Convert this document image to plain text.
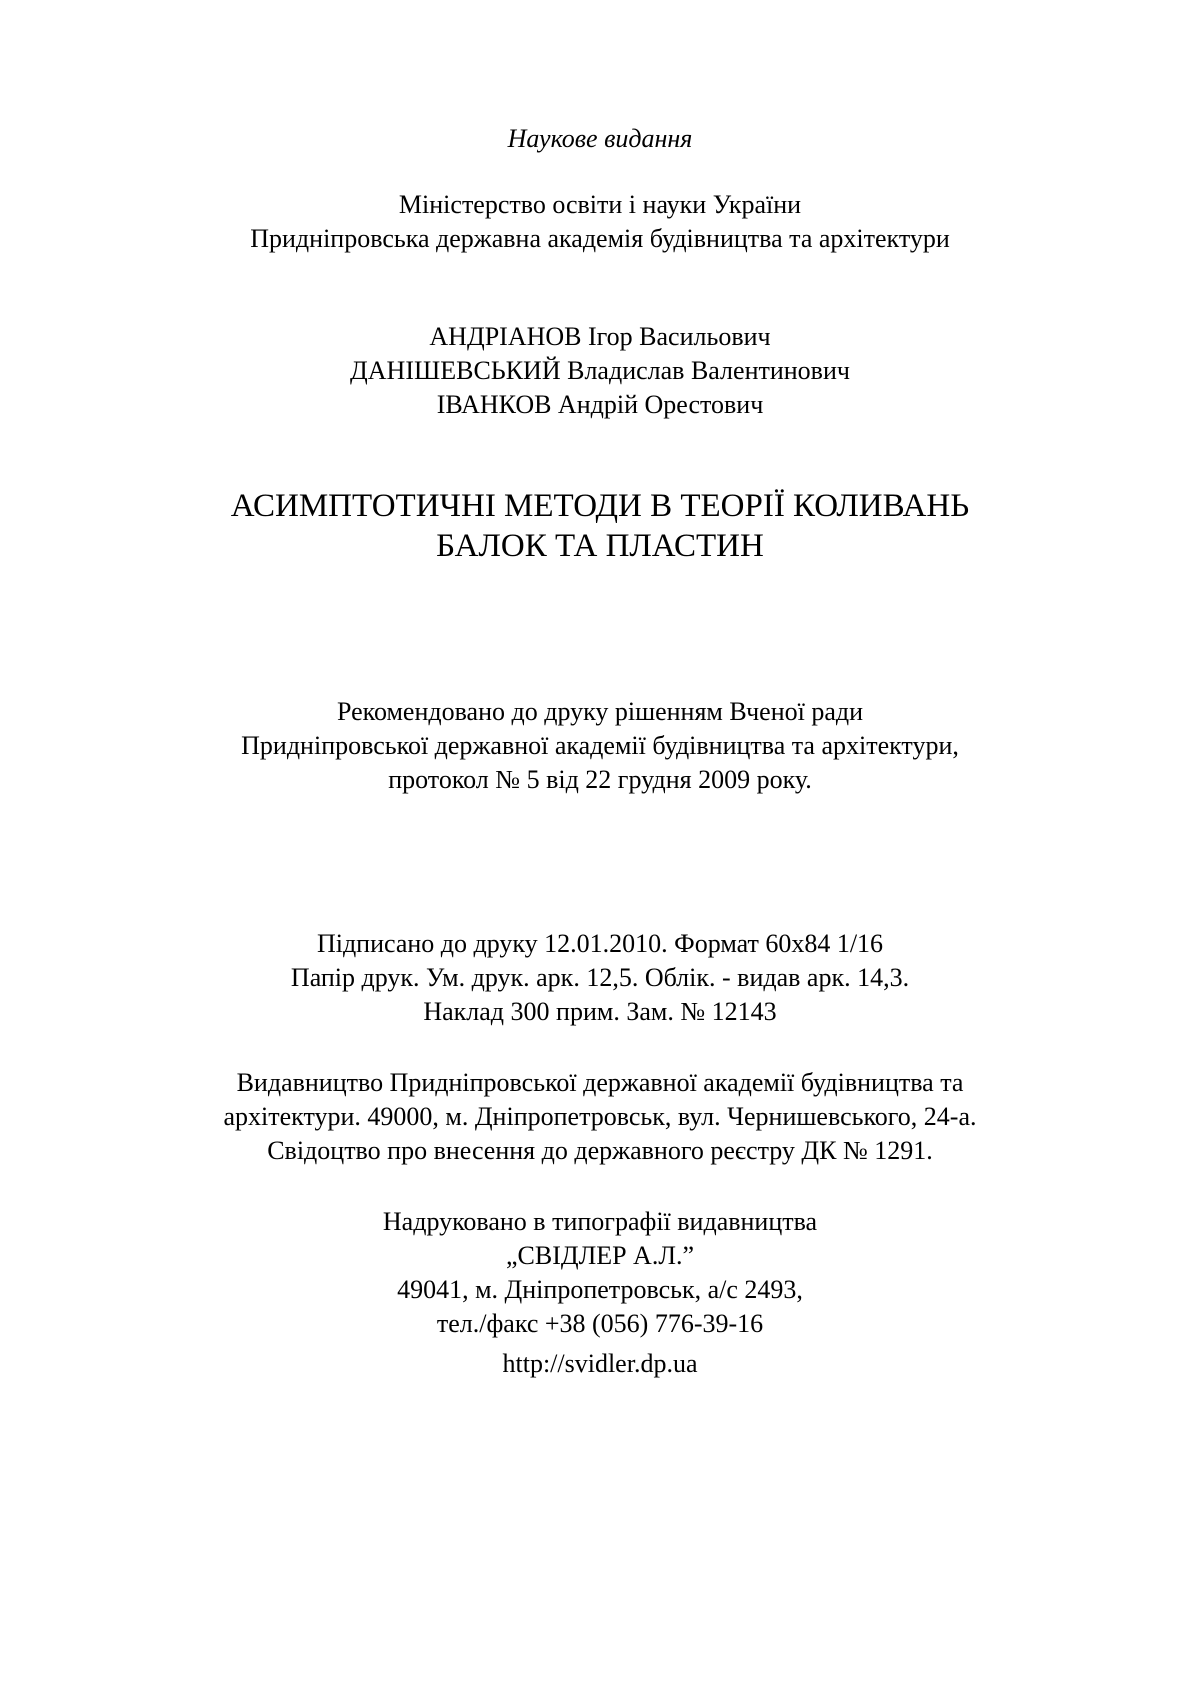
Наукове видання
Міністерство освіти і науки України
Придніпровська державна академія будівництва та архітектури
АНДРІАНОВ Ігор Васильович
ДАНІШЕВСЬКИЙ Владислав Валентинович
ІВАНКОВ Андрій Орестович
АСИМПТОТИЧНІ МЕТОДИ В ТЕОРІЇ КОЛИВАНЬ
БАЛОК ТА ПЛАСТИН
Рекомендовано до друку рішенням Вченої ради
Придніпровської державної академії будівництва та архітектури,
протокол № 5 від 22 грудня 2009 року.
Підписано до друку 12.01.2010. Формат 60x84 1/16
Папір друк. Ум. друк. арк. 12,5. Облік. - видав арк. 14,3.
Наклад 300 прим. Зам. № 12143
Видавництво Придніпровської державної академії будівництва та
архітектури. 49000, м. Дніпропетровськ, вул. Чернишевського, 24-а.
Свідоцтво про внесення до державного реєстру ДК № 1291.
Надруковано в типографії видавництва
„СВІДЛЕР А.Л.”
49041, м. Дніпропетровськ, а/с 2493,
тел./факс +38 (056) 776-39-16
http://svidler.dp.ua
